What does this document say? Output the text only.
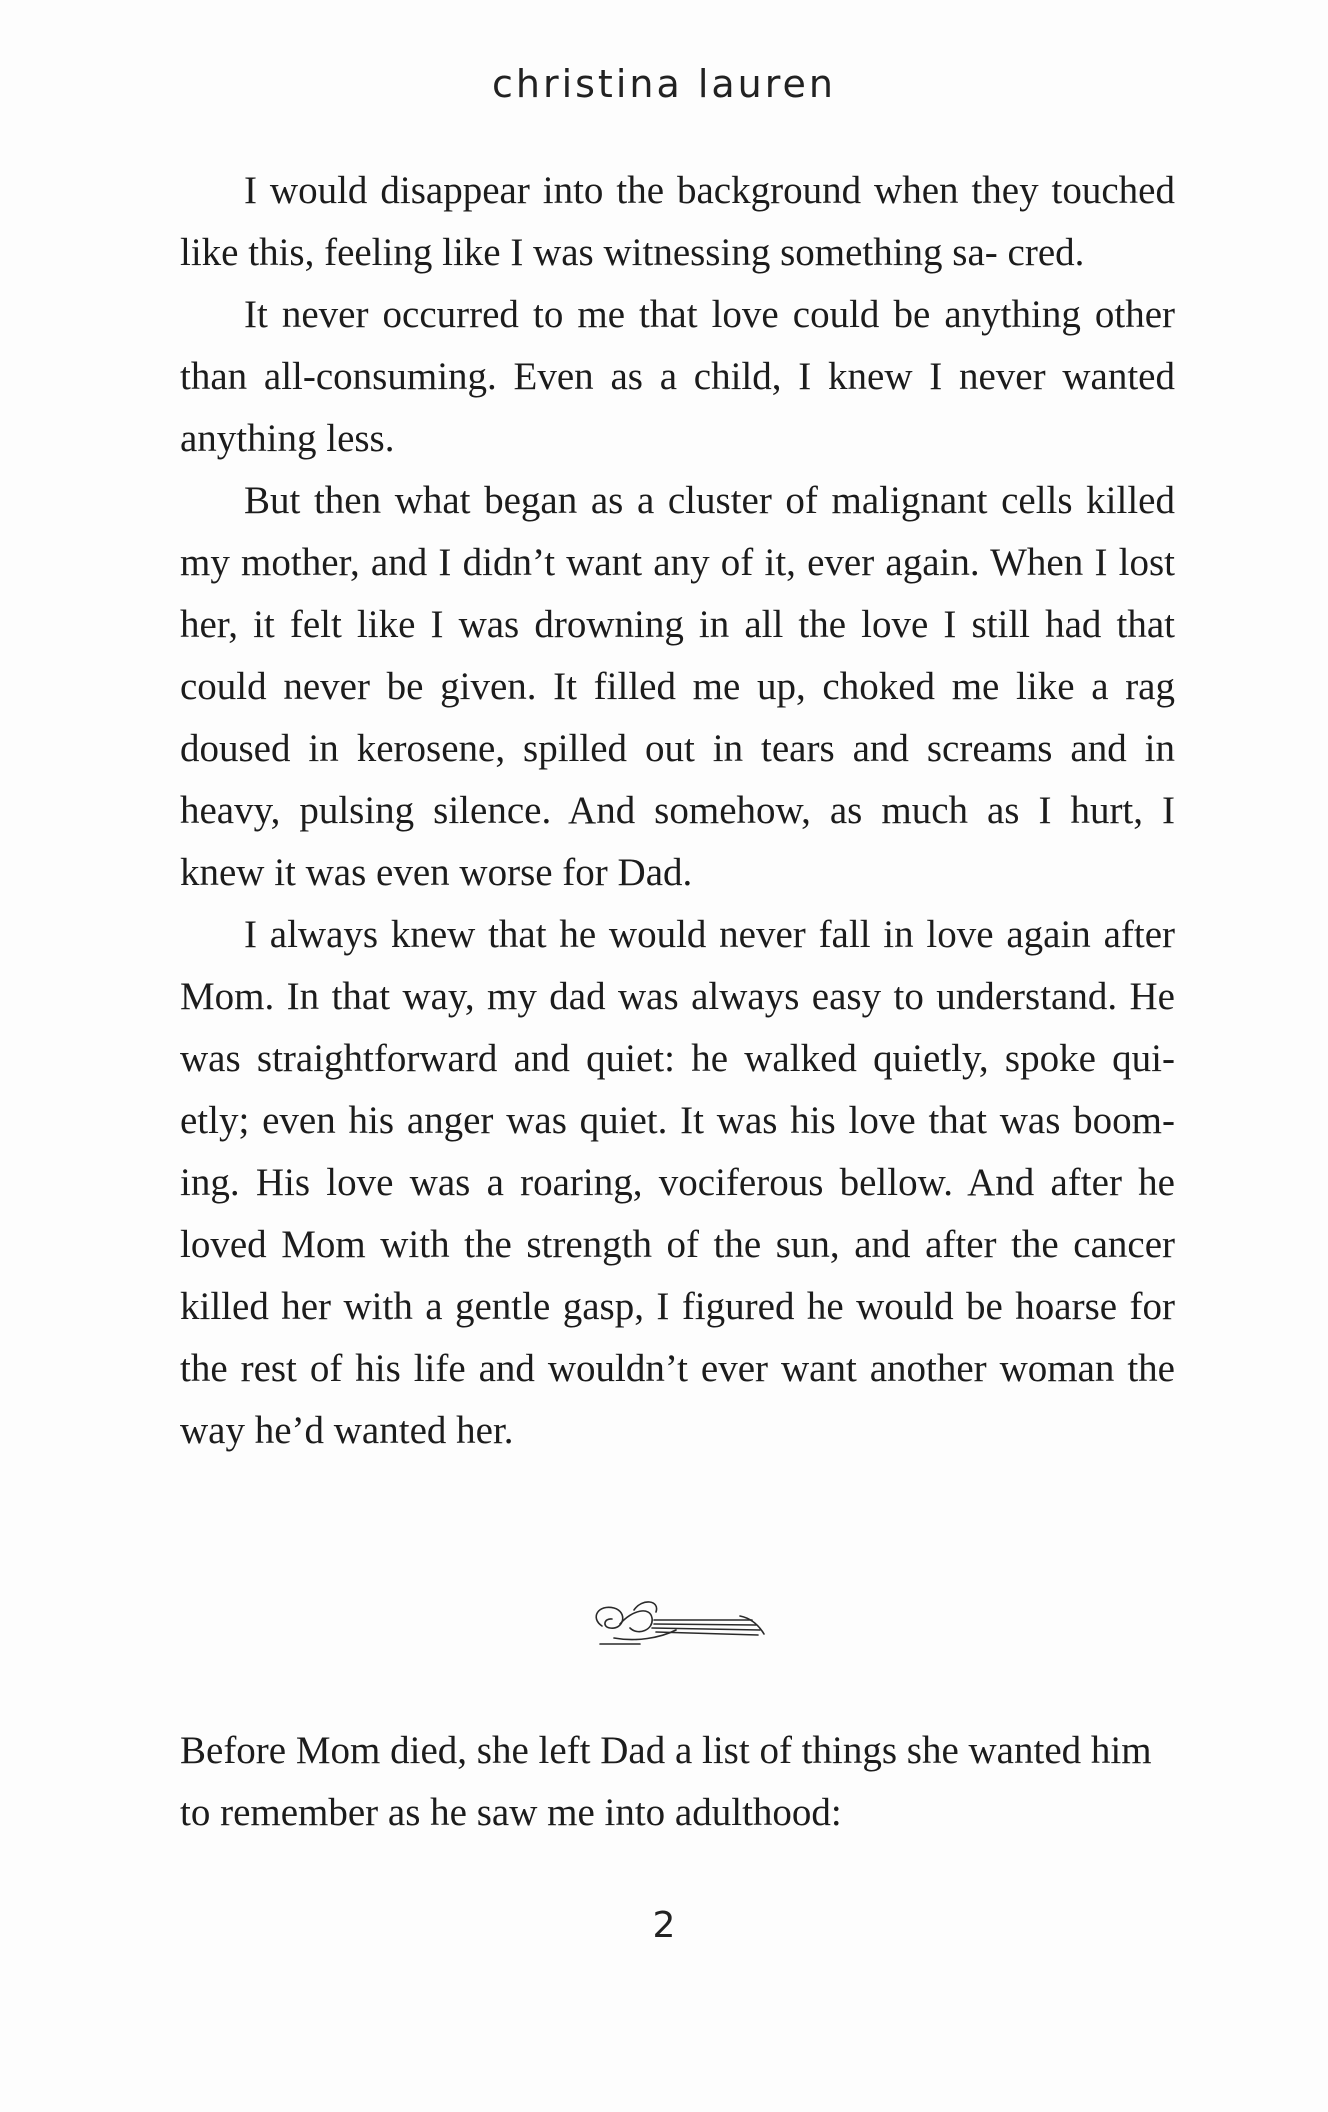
christina lauren

I would disappear into the background when they touched like this, feeling like I was witnessing something sa- cred.

It never occurred to me that love could be anything other than all-consuming. Even as a child, I knew I never wanted anything less.

But then what began as a cluster of malignant cells killed my mother, and I didn’t want any of it, ever again. When I lost her, it felt like I was drowning in all the love I still had that could never be given. It filled me up, choked me like a rag doused in kerosene, spilled out in tears and screams and in heavy, pulsing silence. And somehow, as much as I hurt, I knew it was even worse for Dad.

I always knew that he would never fall in love again after Mom. In that way, my dad was always easy to understand. He was straightforward and quiet: he walked quietly, spoke qui- etly; even his anger was quiet. It was his love that was boom- ing. His love was a roaring, vociferous bellow. And after he loved Mom with the strength of the sun, and after the cancer killed her with a gentle gasp, I figured he would be hoarse for the rest of his life and wouldn’t ever want another woman the way he’d wanted her.

Before Mom died, she left Dad a list of things she wanted him to remember as he saw me into adulthood:

2
